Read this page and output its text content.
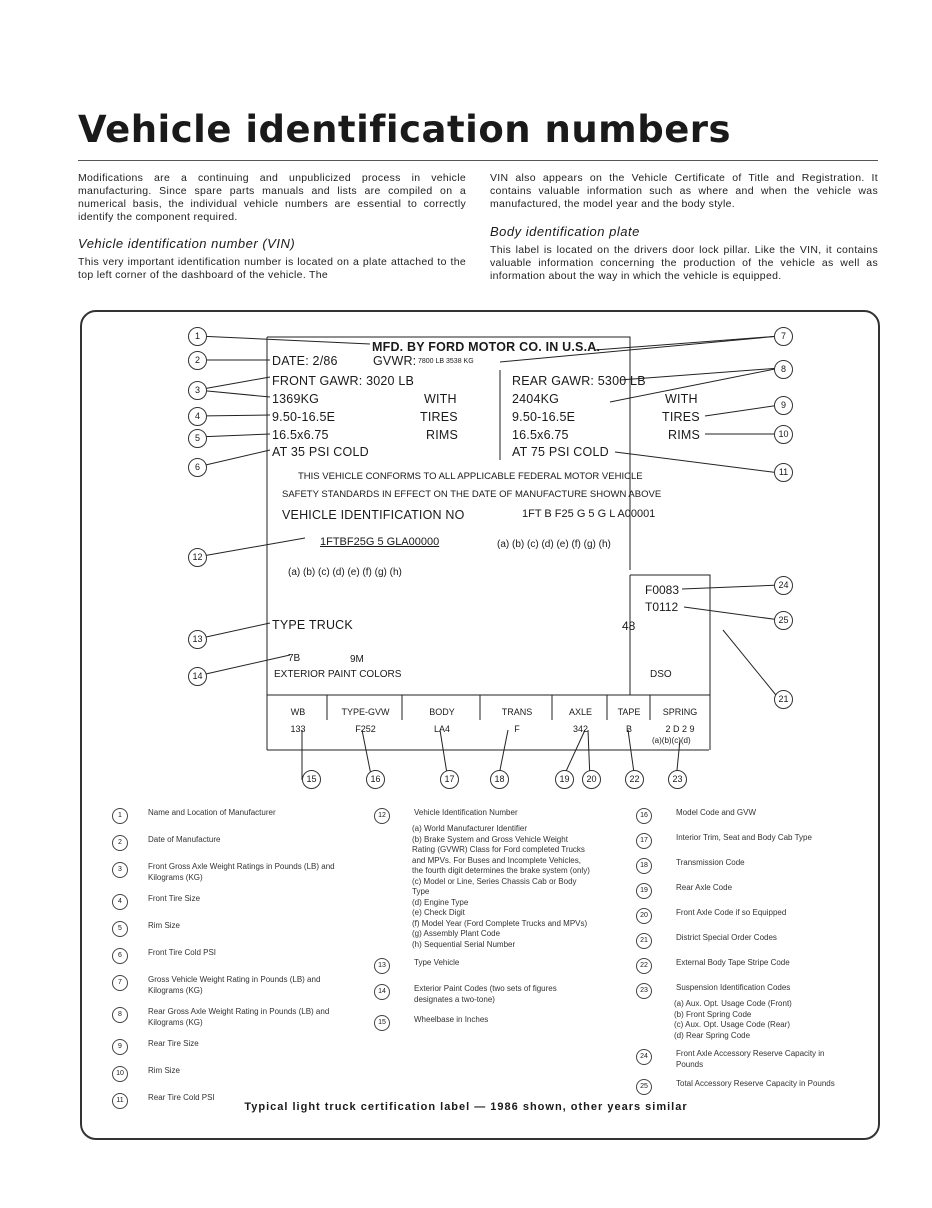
Vehicle identification numbers
Modifications are a continuing and unpublicized process in vehicle manufacturing. Since spare parts manuals and lists are compiled on a numerical basis, the individual vehicle numbers are essential to correctly identify the component required.
Vehicle identification number (VIN)
This very important identification number is located on a plate attached to the top left corner of the dashboard of the vehicle. The
VIN also appears on the Vehicle Certificate of Title and Registration. It contains valuable information such as where and when the vehicle was manufactured, the model year and the body style.
Body identification plate
This label is located on the drivers door lock pillar. Like the VIN, it contains valuable information concerning the production of the vehicle as well as information about the way in which the vehicle is equipped.
MFD. BY FORD MOTOR CO. IN U.S.A.
DATE: 2/86	GVWR: 7800 LB 3538 KG
FRONT GAWR: 3020 LB	REAR GAWR: 5300 LB
1369KG	WITH	2404KG	WITH
9.50-16.5E	TIRES	9.50-16.5E	TIRES
16.5x6.75	RIMS	16.5x6.75	RIMS
AT 35 PSI COLD	AT 75 PSI COLD
THIS VEHICLE CONFORMS TO ALL APPLICABLE FEDERAL MOTOR VEHICLE
SAFETY STANDARDS IN EFFECT ON THE DATE OF MANUFACTURE SHOWN ABOVE
VEHICLE IDENTIFICATION NO	1FT B F25 G 5 G L A00001
(a) (b) (c) (d) (e) (f) (g) (h)
1FTBF25G 5 GLA00000
(a) (b) (c) (d) (e) (f) (g) (h)
F0083
T0112
48
TYPE TRUCK
7B	9M
EXTERIOR PAINT COLORS	DSO
WB	TYPE-GVW	BODY	TRANS	AXLE	TAPE	SPRING
133	F252	LA4	F	342	B	2 D 2 9
(a)(b)(c)(d)
1
2
3
4
5
6
7
8
9
10
11
12
13
14
15	16	17	18	19	20
21
22	23
24
25
1	Name and Location of Manufacturer
2	Date of Manufacture
3	Front Gross Axle Weight Ratings in Pounds (LB) and Kilograms (KG)
4	Front Tire Size
5	Rim Size
6	Front Tire Cold PSI
7	Gross Vehicle Weight Rating in Pounds (LB) and Kilograms (KG)
8	Rear Gross Axle Weight Rating in Pounds (LB) and Kilograms (KG)
9	Rear Tire Size
10	Rim Size
11	Rear Tire Cold PSI
12	Vehicle Identification Number
(a) World Manufacturer Identifier
(b) Brake System and Gross Vehicle Weight Rating (GVWR) Class for Ford completed Trucks and MPVs. For Buses and Incomplete Vehicles, the fourth digit determines the brake system (only)
(c) Model or Line, Series Chassis Cab or Body Type
(d) Engine Type
(e) Check Digit
(f) Model Year (Ford Complete Trucks and MPVs)
(g) Assembly Plant Code
(h) Sequential Serial Number
13	Type Vehicle
14	Exterior Paint Codes (two sets of figures designates a two-tone)
15	Wheelbase in Inches
16	Model Code and GVW
17	Interior Trim, Seat and Body Cab Type
18	Transmission Code
19	Rear Axle Code
20	Front Axle Code if so Equipped
21	District Special Order Codes
22	External Body Tape Stripe Code
23	Suspension Identification Codes
(a) Aux. Opt. Usage Code (Front)
(b) Front Spring Code
(c) Aux. Opt. Usage Code (Rear)
(d) Rear Spring Code
24	Front Axle Accessory Reserve Capacity in Pounds
25	Total Accessory Reserve Capacity in Pounds
Typical light truck certification label — 1986 shown, other years similar
